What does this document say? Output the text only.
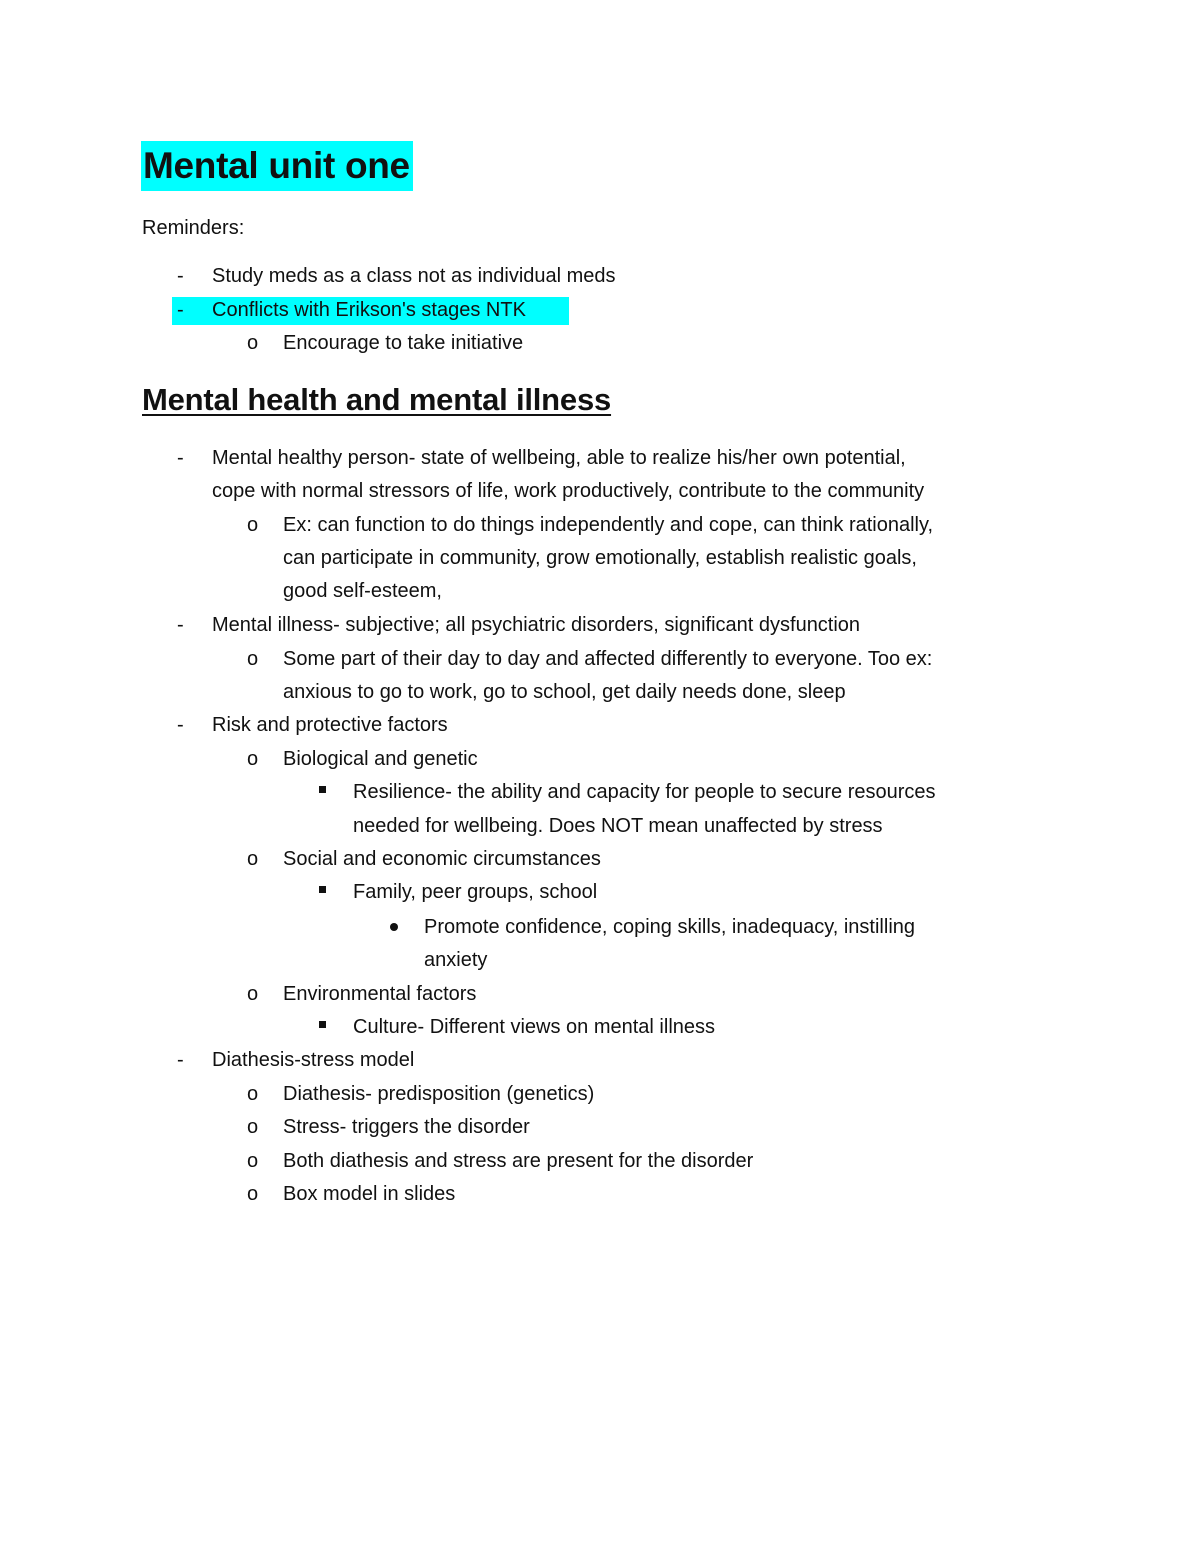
Mental unit one
Reminders:
- Study meds as a class not as individual meds
- Conflicts with Erikson's stages NTK
o Encourage to take initiative
Mental health and mental illness
- Mental healthy person- state of wellbeing, able to realize his/her own potential,
cope with normal stressors of life, work productively, contribute to the community
o Ex: can function to do things independently and cope, can think rationally,
can participate in community, grow emotionally, establish realistic goals,
good self-esteem,
- Mental illness- subjective; all psychiatric disorders, significant dysfunction
o Some part of their day to day and affected differently to everyone. Too ex:
anxious to go to work, go to school, get daily needs done, sleep
- Risk and protective factors
o Biological and genetic
Resilience- the ability and capacity for people to secure resources
needed for wellbeing. Does NOT mean unaffected by stress
o Social and economic circumstances
Family, peer groups, school
Promote confidence, coping skills, inadequacy, instilling
anxiety
o Environmental factors
Culture- Different views on mental illness
- Diathesis-stress model
o Diathesis- predisposition (genetics)
o Stress- triggers the disorder
o Both diathesis and stress are present for the disorder
o Box model in slides
